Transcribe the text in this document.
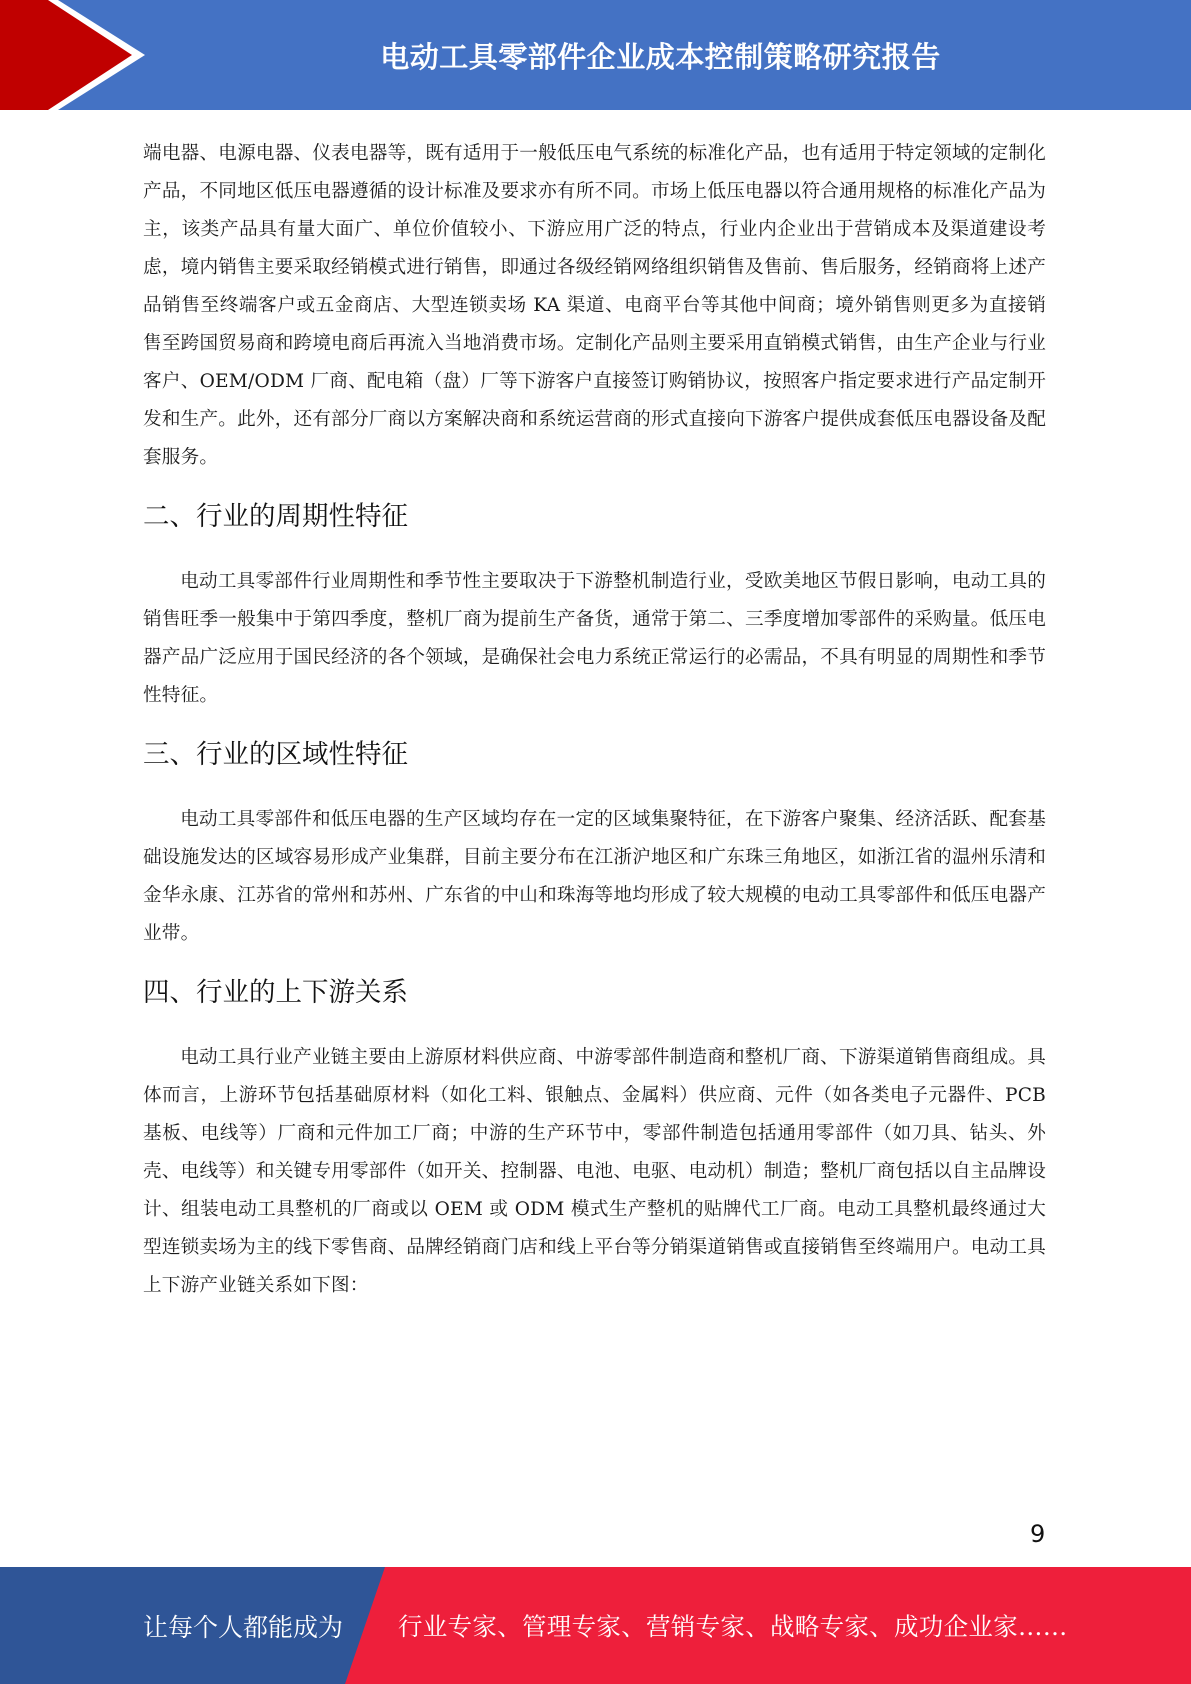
电动工具零部件企业成本控制策略研究报告

端电器、电源电器、仪表电器等，既有适用于一般低压电气系统的标准化产品，也有适用于特定领域的定制化产品，不同地区低压电器遵循的设计标准及要求亦有所不同。市场上低压电器以符合通用规格的标准化产品为主，该类产品具有量大面广、单位价值较小、下游应用广泛的特点，行业内企业出于营销成本及渠道建设考虑，境内销售主要采取经销模式进行销售，即通过各级经销网络组织销售及售前、售后服务，经销商将上述产品销售至终端客户或五金商店、大型连锁卖场 KA 渠道、电商平台等其他中间商；境外销售则更多为直接销售至跨国贸易商和跨境电商后再流入当地消费市场。定制化产品则主要采用直销模式销售，由生产企业与行业客户、OEM/ODM 厂商、配电箱（盘）厂等下游客户直接签订购销协议，按照客户指定要求进行产品定制开发和生产。此外，还有部分厂商以方案解决商和系统运营商的形式直接向下游客户提供成套低压电器设备及配套服务。

二、行业的周期性特征

电动工具零部件行业周期性和季节性主要取决于下游整机制造行业，受欧美地区节假日影响，电动工具的销售旺季一般集中于第四季度，整机厂商为提前生产备货，通常于第二、三季度增加零部件的采购量。低压电器产品广泛应用于国民经济的各个领域，是确保社会电力系统正常运行的必需品，不具有明显的周期性和季节性特征。

三、行业的区域性特征

电动工具零部件和低压电器的生产区域均存在一定的区域集聚特征，在下游客户聚集、经济活跃、配套基础设施发达的区域容易形成产业集群，目前主要分布在江浙沪地区和广东珠三角地区，如浙江省的温州乐清和金华永康、江苏省的常州和苏州、广东省的中山和珠海等地均形成了较大规模的电动工具零部件和低压电器产业带。

四、行业的上下游关系

电动工具行业产业链主要由上游原材料供应商、中游零部件制造商和整机厂商、下游渠道销售商组成。具体而言，上游环节包括基础原材料（如化工料、银触点、金属料）供应商、元件（如各类电子元器件、PCB 基板、电线等）厂商和元件加工厂商；中游的生产环节中，零部件制造包括通用零部件（如刀具、钻头、外壳、电线等）和关键专用零部件（如开关、控制器、电池、电驱、电动机）制造；整机厂商包括以自主品牌设计、组装电动工具整机的厂商或以 OEM 或 ODM 模式生产整机的贴牌代工厂商。电动工具整机最终通过大型连锁卖场为主的线下零售商、品牌经销商门店和线上平台等分销渠道销售或直接销售至终端用户。电动工具上下游产业链关系如下图：

9
让每个人都能成为 行业专家、管理专家、营销专家、战略专家、成功企业家……
